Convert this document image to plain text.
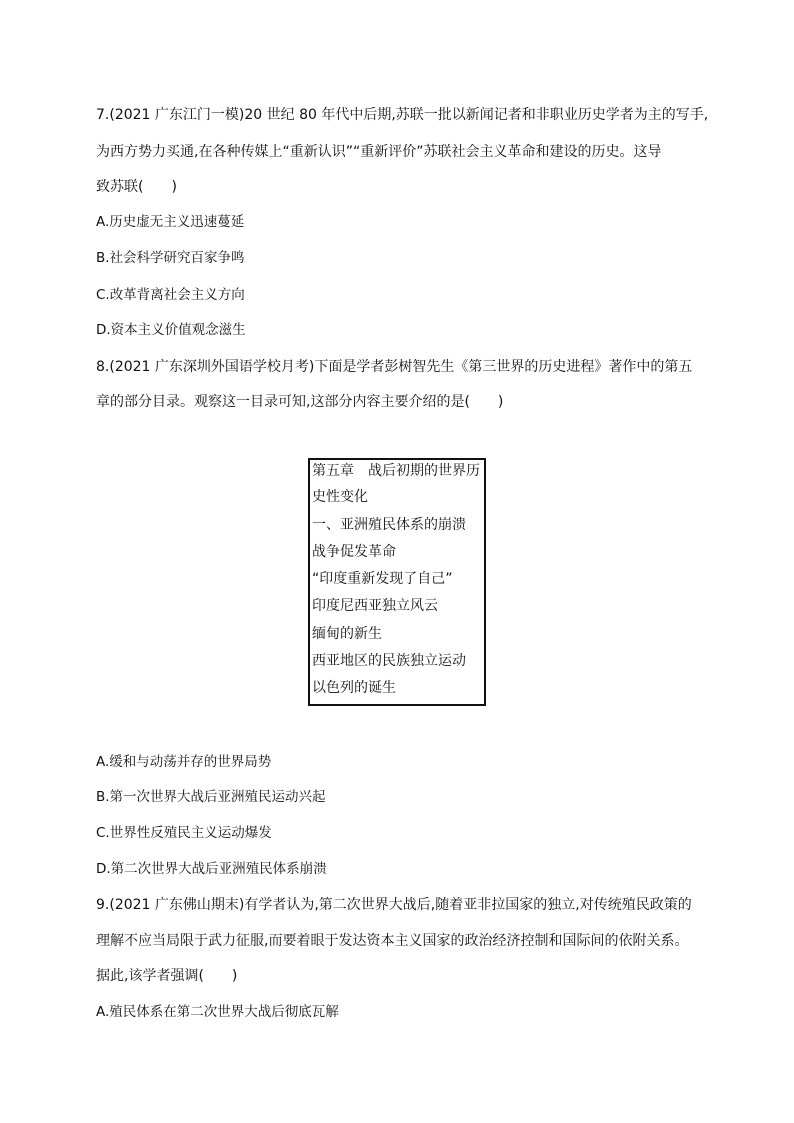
7.(2021 广东江门一模)20 世纪 80 年代中后期,苏联一批以新闻记者和非职业历史学者为主的写手,
为西方势力买通,在各种传媒上“重新认识”“重新评价”苏联社会主义革命和建设的历史。这导
致苏联(　　)
A.历史虚无主义迅速蔓延
B.社会科学研究百家争鸣
C.改革背离社会主义方向
D.资本主义价值观念滋生
8.(2021 广东深圳外国语学校月考)下面是学者彭树智先生《第三世界的历史进程》著作中的第五
章的部分目录。观察这一目录可知,这部分内容主要介绍的是(　　)
第五章　战后初期的世界历
史性变化
一、亚洲殖民体系的崩溃
战争促发革命
“印度重新发现了自己”
印度尼西亚独立风云
缅甸的新生
西亚地区的民族独立运动
以色列的诞生
A.缓和与动荡并存的世界局势
B.第一次世界大战后亚洲殖民运动兴起
C.世界性反殖民主义运动爆发
D.第二次世界大战后亚洲殖民体系崩溃
9.(2021 广东佛山期末)有学者认为,第二次世界大战后,随着亚非拉国家的独立,对传统殖民政策的
理解不应当局限于武力征服,而要着眼于发达资本主义国家的政治经济控制和国际间的依附关系。
据此,该学者强调(　　)
A.殖民体系在第二次世界大战后彻底瓦解
